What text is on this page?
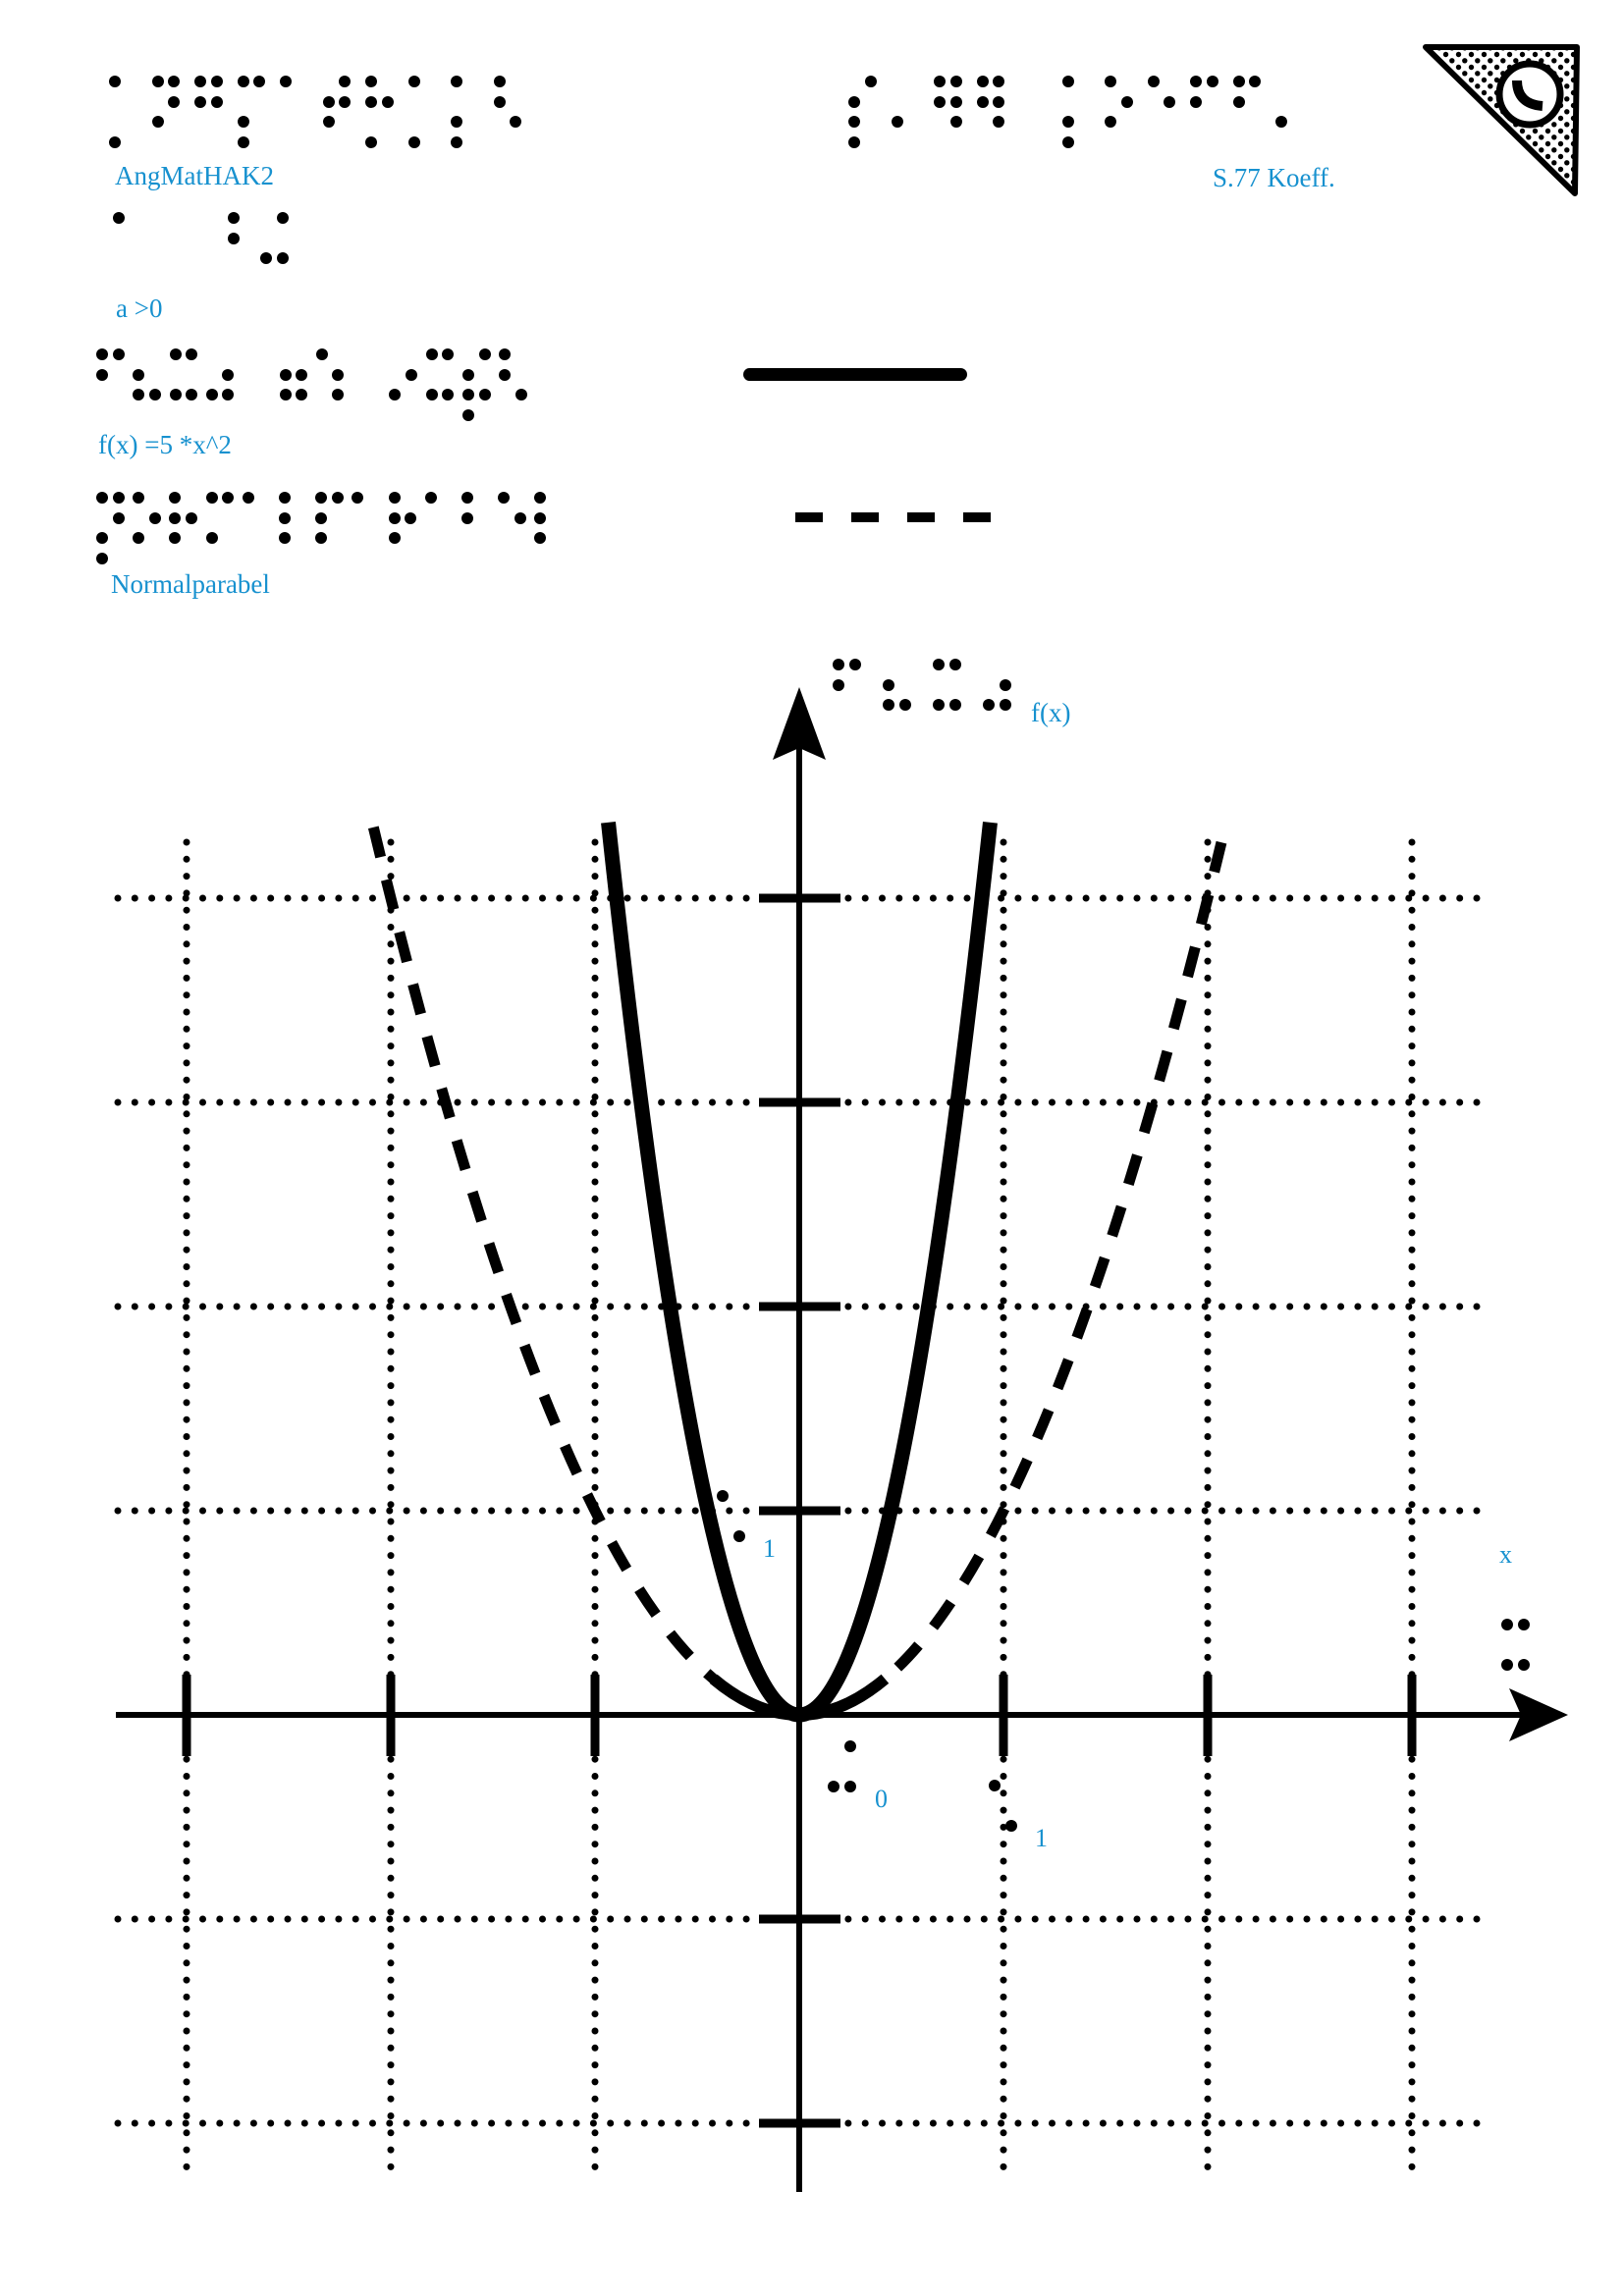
AngMatHAK2	S.77 Koeff.
a >0
f(x) =5 *x^2
Normalparabel
f(x)
1
0
1
x
